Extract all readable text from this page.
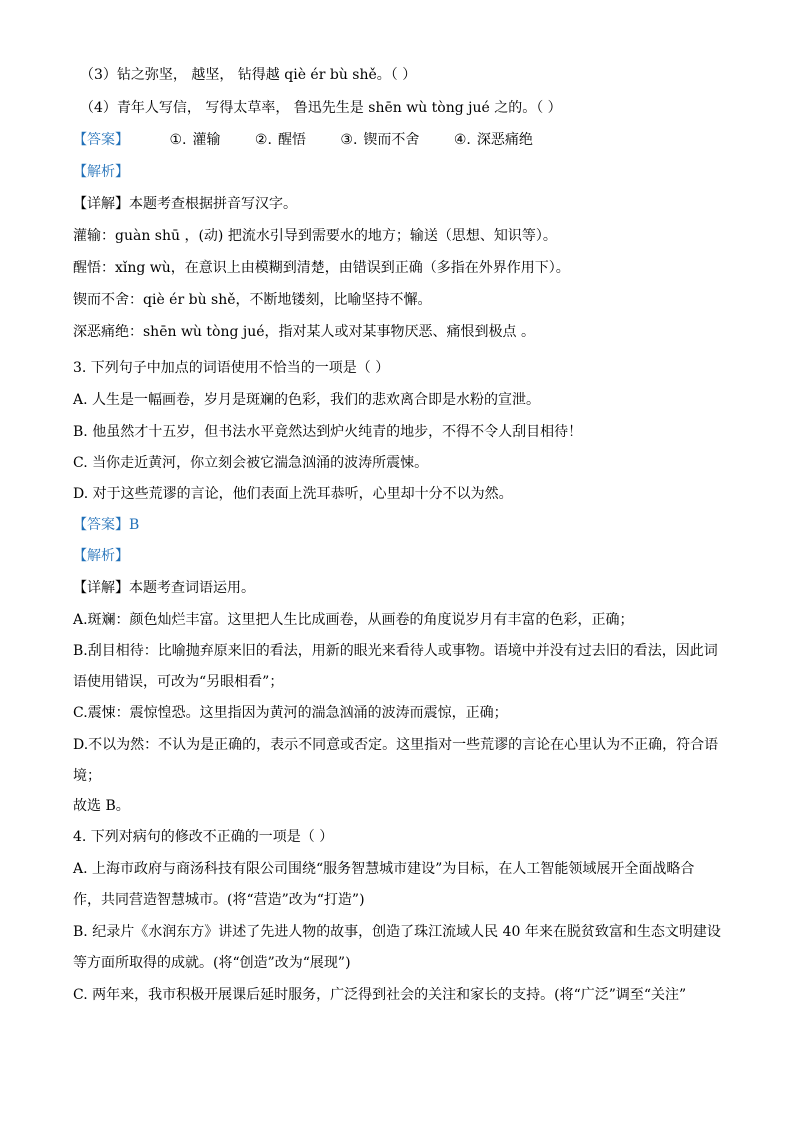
（3）钻之弥坚， 越坚， 钻得越 qiè ér bù shě。（ ）
（4）青年人写信， 写得太草率， 鲁迅先生是 shēn wù tòng jué 之的。（ ）
【答案】	①. 灌输 ②. 醒悟 ③. 锲而不舍 ④. 深恶痛绝
【解析】
【详解】本题考查根据拼音写汉字。
灌输：guàn shū ，(动) 把流水引导到需要水的地方；输送（思想、知识等）。
醒悟：xǐng wù，在意识上由模糊到清楚，由错误到正确（多指在外界作用下）。
锲而不舍：qiè ér bù shě，不断地镂刻，比喻坚持不懈。
深恶痛绝：shēn wù tòng jué，指对某人或对某事物厌恶、痛恨到极点 。
3. 下列句子中加点的词语使用不恰当的一项是（ ）
A. 人生是一幅画卷，岁月是斑斓的色彩，我们的悲欢离合即是水粉的宣泄。
B. 他虽然才十五岁，但书法水平竟然达到炉火纯青的地步，不得不令人刮目相待！
C. 当你走近黄河，你立刻会被它湍急汹涌的波涛所震悚。
D. 对于这些荒谬的言论，他们表面上洗耳恭听，心里却十分不以为然。
【答案】B
【解析】
【详解】本题考查词语运用。
A.斑斓：颜色灿烂丰富。这里把人生比成画卷，从画卷的角度说岁月有丰富的色彩，正确；
B.刮目相待：比喻抛弃原来旧的看法，用新的眼光来看待人或事物。语境中并没有过去旧的看法，因此词
语使用错误，可改为“另眼相看”；
C.震悚：震惊惶恐。这里指因为黄河的湍急汹涌的波涛而震惊，正确；
D.不以为然：不认为是正确的，表示不同意或否定。这里指对一些荒谬的言论在心里认为不正确，符合语
境；
故选 B。
4. 下列对病句的修改不正确的一项是（ ）
A. 上海市政府与商汤科技有限公司围绕“服务智慧城市建设”为目标，在人工智能领域展开全面战略合
作，共同营造智慧城市。(将“营造”改为“打造”)
B. 纪录片《水润东方》讲述了先进人物的故事，创造了珠江流域人民 40 年来在脱贫致富和生态文明建设
等方面所取得的成就。(将“创造”改为“展现”)
C. 两年来，我市积极开展课后延时服务，广泛得到社会的关注和家长的支持。(将“广泛”调至“关注”
